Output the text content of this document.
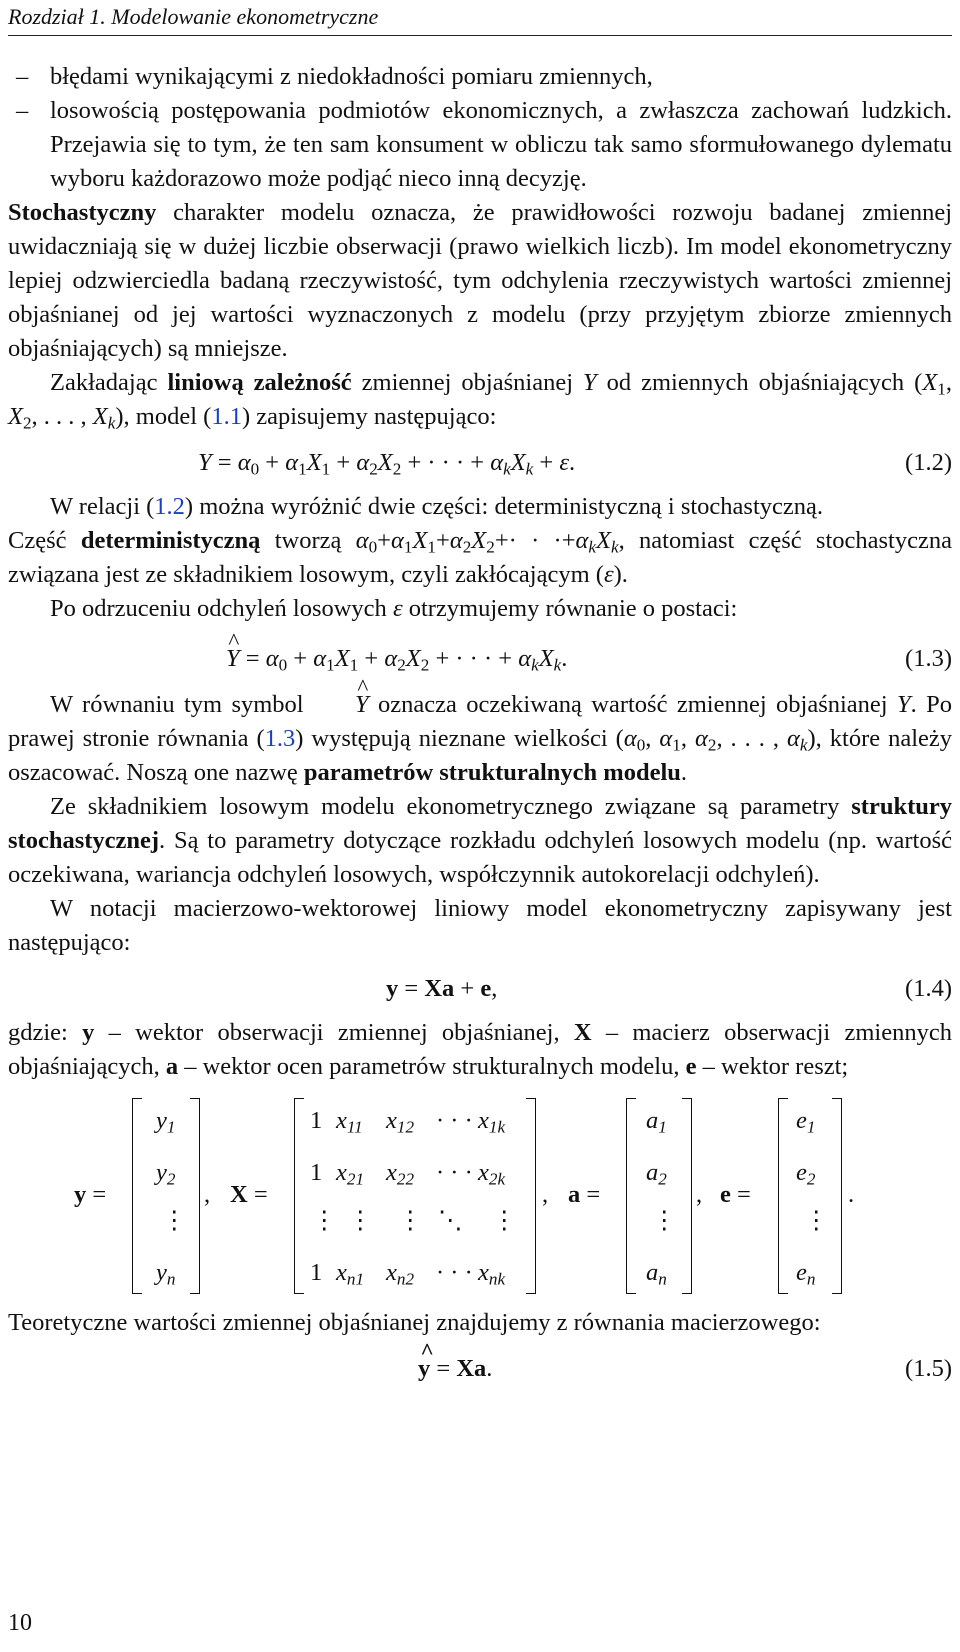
Rozdział 1. Modelowanie ekonometryczne
– błędami wynikającymi z niedokładności pomiaru zmiennych,
– losowością postępowania podmiotów ekonomicznych, a zwłaszcza zachowań ludzkich. Przejawia się to tym, że ten sam konsument w obliczu tak samo sformułowanego dylematu wyboru każdorazowo może podjąć nieco inną decyzję.

Stochastyczny charakter modelu oznacza, że prawidłowości rozwoju badanej zmiennej uwidaczniają się w dużej liczbie obserwacji (prawo wielkich liczb). Im model ekonometryczny lepiej odzwierciedla badaną rzeczywistość, tym odchylenia rzeczywistych wartości zmiennej objaśnianej od jej wartości wyznaczonych z modelu (przy przyjętym zbiorze zmiennych objaśniających) są mniejsze.

Zakładając liniową zależność zmiennej objaśnianej Y od zmiennych objaśniających ($X_1$, $X_2$, . . . , $X_k$), model (1.1) zapisujemy następująco:

$Y = \alpha_0 + \alpha_1X_1 + \alpha_2X_2$ + · · · + $\alpha_kX_k + \varepsilon$.	(1.2)

W relacji (1.2) można wyróżnić dwie części: deterministyczną i stochastyczną.

Część deterministyczną tworzą $\alpha_0+\alpha_1X_1+\alpha_2X_2+\cdot \cdot \cdot+\alpha_kX_k$, natomiast część stochastyczna związana jest ze składnikiem losowym, czyli zakłócającym (ε).

Po odrzuceniu odchyleń losowych ε otrzymujemy równanie o postaci:

^ $Y = \alpha_0 + \alpha_1X_1 + \alpha_2X_2$ + · · · + $\alpha_kX_k$.	(1.3)

W równaniu tym symbol ^ Y oznacza oczekiwaną wartość zmiennej objaśnianej Y. Po prawej stronie równania (1.3) występują nieznane wielkości ($\alpha_0$, $\alpha_1$, $\alpha_2$, . . . , $\alpha_k$), które należy oszacować. Noszą one nazwę parametrów strukturalnych modelu.

Ze składnikiem losowym modelu ekonometrycznego związane są parametry struktury stochastycznej. Są to parametry dotyczące rozkładu odchyleń losowych modelu (np. wartość oczekiwana, wariancja odchyleń losowych, współczynnik autokorelacji odchyleń).

W notacji macierzowo-wektorowej liniowy model ekonometryczny zapisywany jest następująco:

y = Xa + e,	(1.4)

gdzie: y – wektor obserwacji zmiennej objaśnianej, X – macierz obserwacji zmiennych objaśniających, a – wektor ocen parametrów strukturalnych modelu, e – wektor reszt;

y =
$y_1$
$y_2$
⋮
$y_n$
, X =
1 $x_{11}$ $x_{12}$ · · · $x_{1k}$
1 $x_{21}$ $x_{22}$ · · · $x_{2k}$
⋮ ⋮ ⋮ ⋱ ⋮
1 $x_{n1}$ $x_{n2}$ · · · $x_{nk}$
, a =
$a_1$
$a_2$
⋮
$a_n$
, e =
$e_1$
$e_2$
⋮
$e_n$
.

Teoretyczne wartości zmiennej objaśnianej znajdujemy z równania macierzowego:

^ y = Xa.	(1.5)
10
